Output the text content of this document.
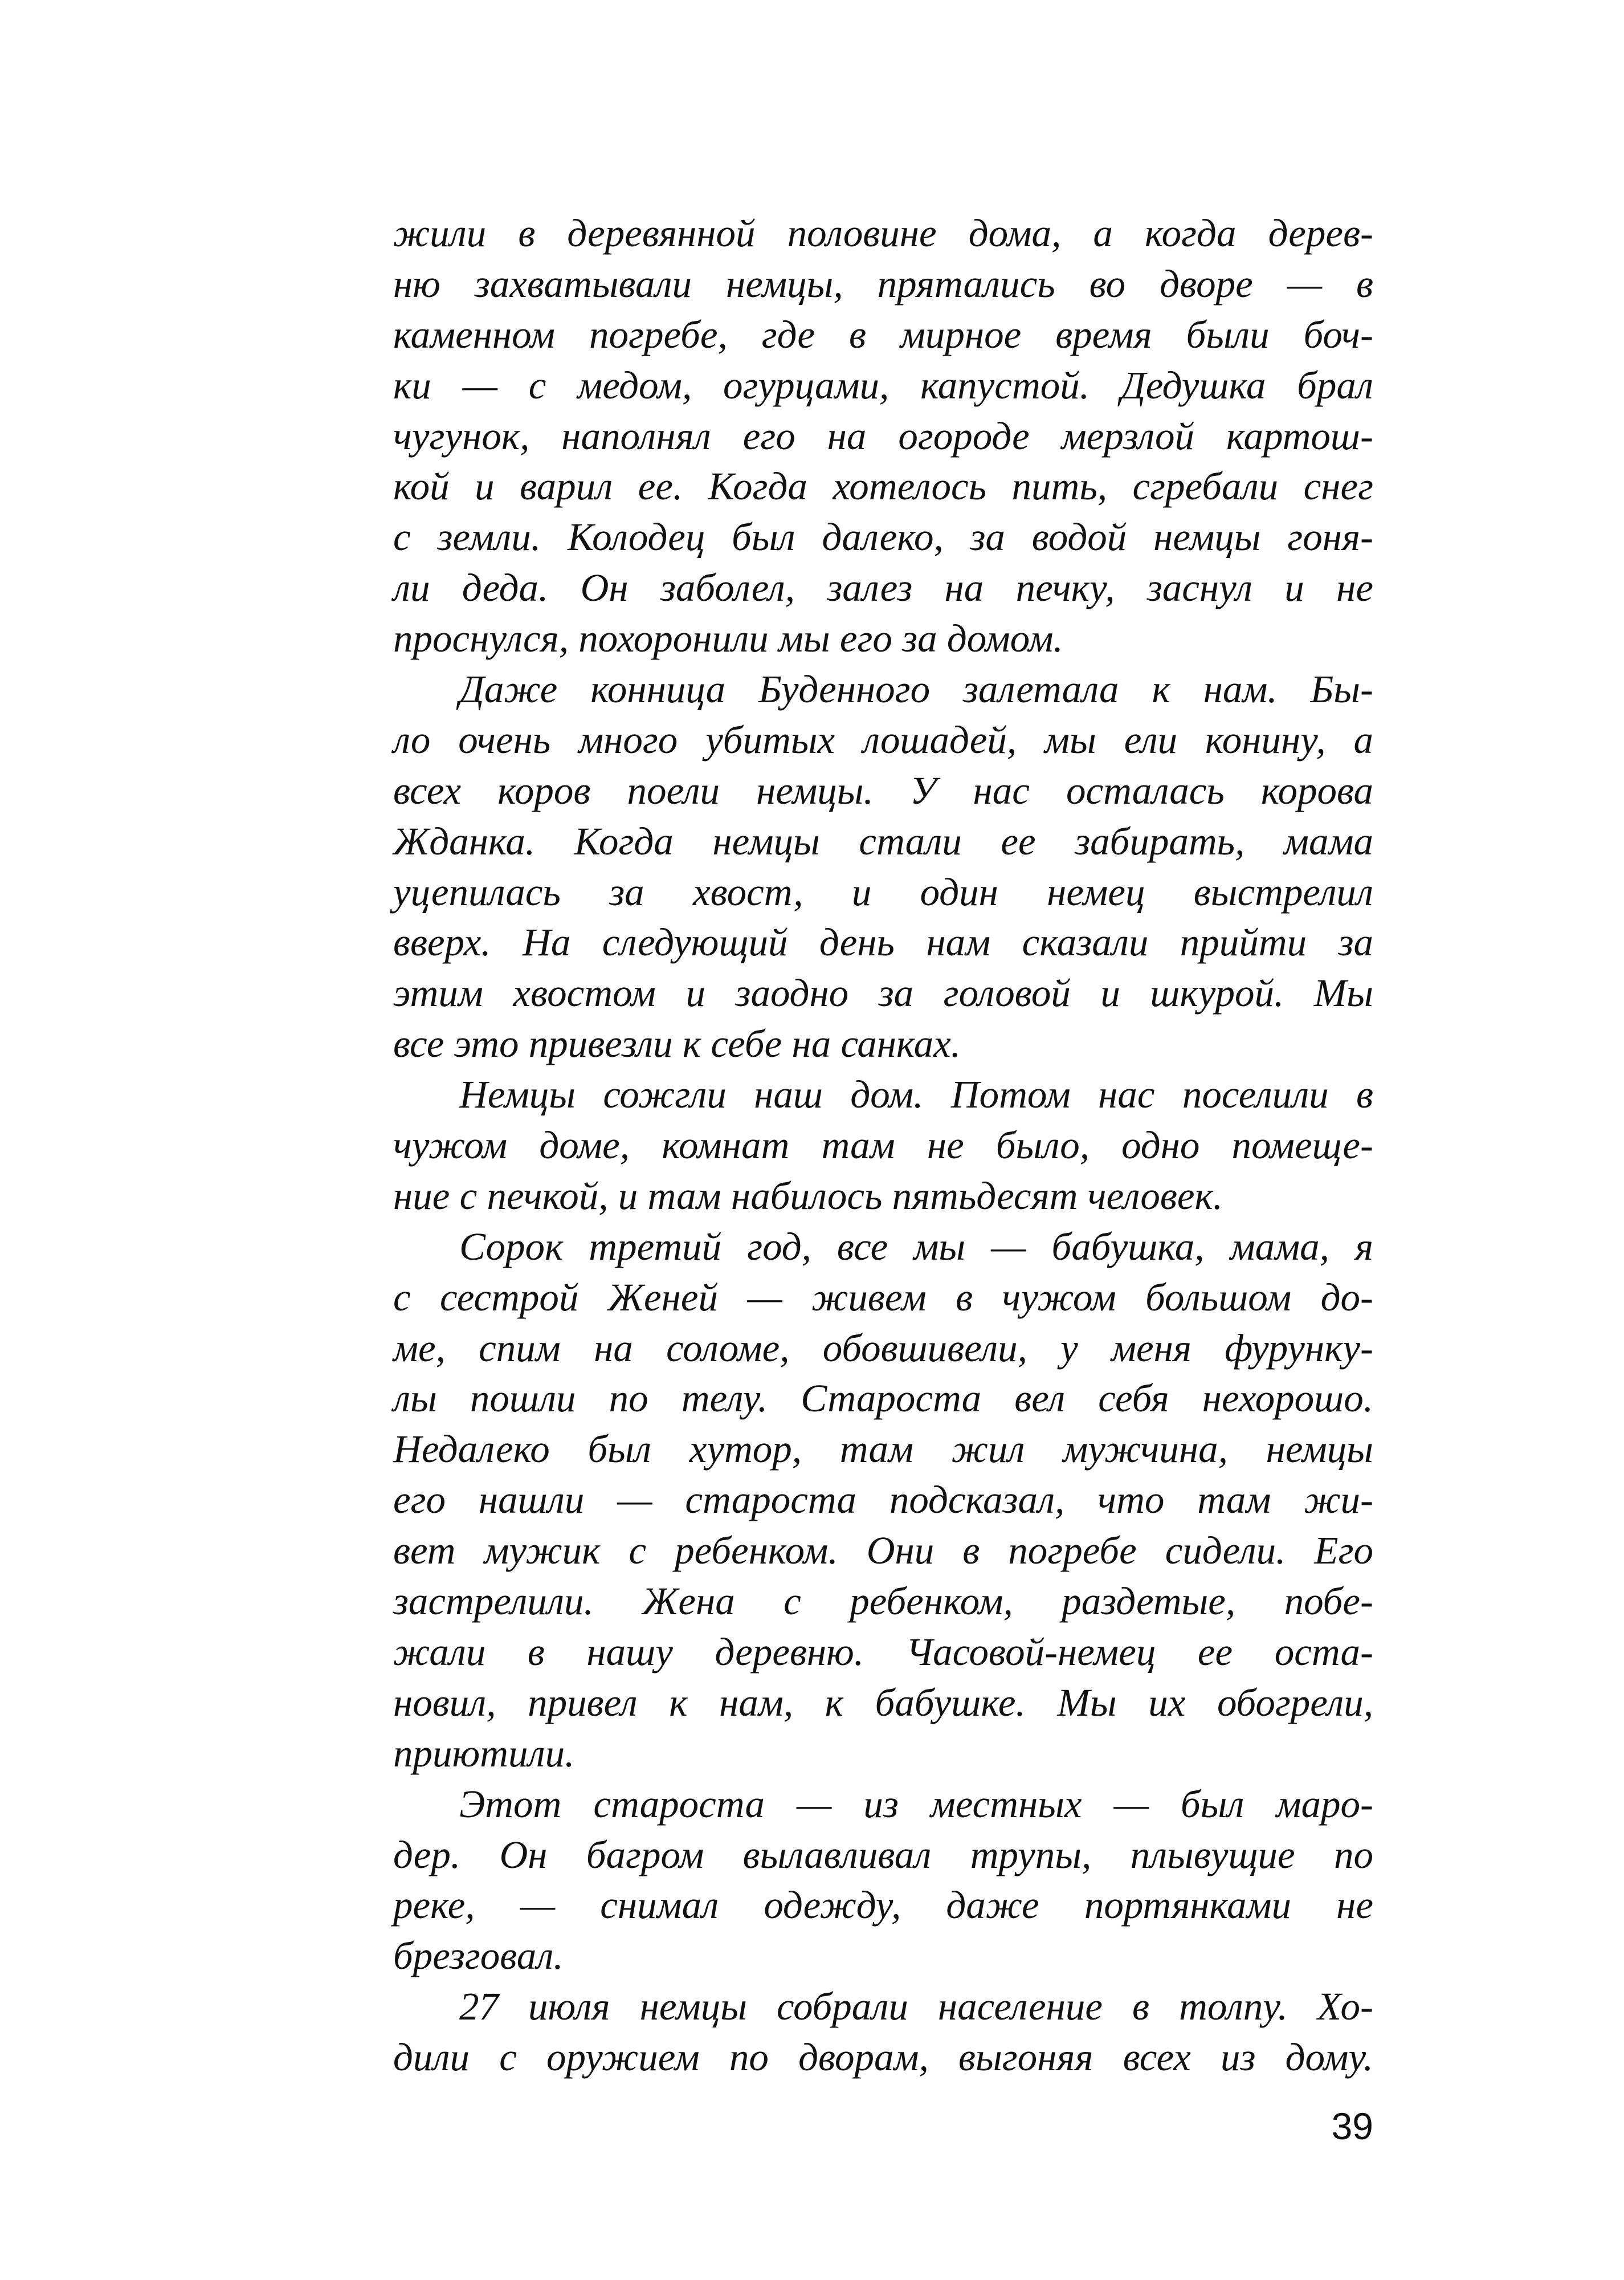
жили в деревянной половине дома, а когда дерев-
ню захватывали немцы, прятались во дворе — в
каменном погребе, где в мирное время были боч-
ки — с медом, огурцами, капустой. Дедушка брал
чугунок, наполнял его на огороде мерзлой картош-
кой и варил ее. Когда хотелось пить, сгребали снег
с земли. Колодец был далеко, за водой немцы гоня-
ли деда. Он заболел, залез на печку, заснул и не
проснулся, похоронили мы его за домом.
Даже конница Буденного залетала к нам. Бы-
ло очень много убитых лошадей, мы ели конину, а
всех коров поели немцы. У нас осталась корова
Жданка. Когда немцы стали ее забирать, мама
уцепилась за хвост, и один немец выстрелил
вверх. На следующий день нам сказали прийти за
этим хвостом и заодно за головой и шкурой. Мы
все это привезли к себе на санках.
Немцы сожгли наш дом. Потом нас поселили в
чужом доме, комнат там не было, одно помеще-
ние с печкой, и там набилось пятьдесят человек.
Сорок третий год, все мы — бабушка, мама, я
с сестрой Женей — живем в чужом большом до-
ме, спим на соломе, обовшивели, у меня фурунку-
лы пошли по телу. Староста вел себя нехорошо.
Недалеко был хутор, там жил мужчина, немцы
его нашли — староста подсказал, что там жи-
вет мужик с ребенком. Они в погребе сидели. Его
застрелили. Жена с ребенком, раздетые, побе-
жали в нашу деревню. Часовой-немец ее оста-
новил, привел к нам, к бабушке. Мы их обогрели,
приютили.
Этот староста — из местных — был маро-
дер. Он багром вылавливал трупы, плывущие по
реке, — снимал одежду, даже портянками не
брезговал.
27 июля немцы собрали население в толпу. Хо-
дили с оружием по дворам, выгоняя всех из дому.
39
